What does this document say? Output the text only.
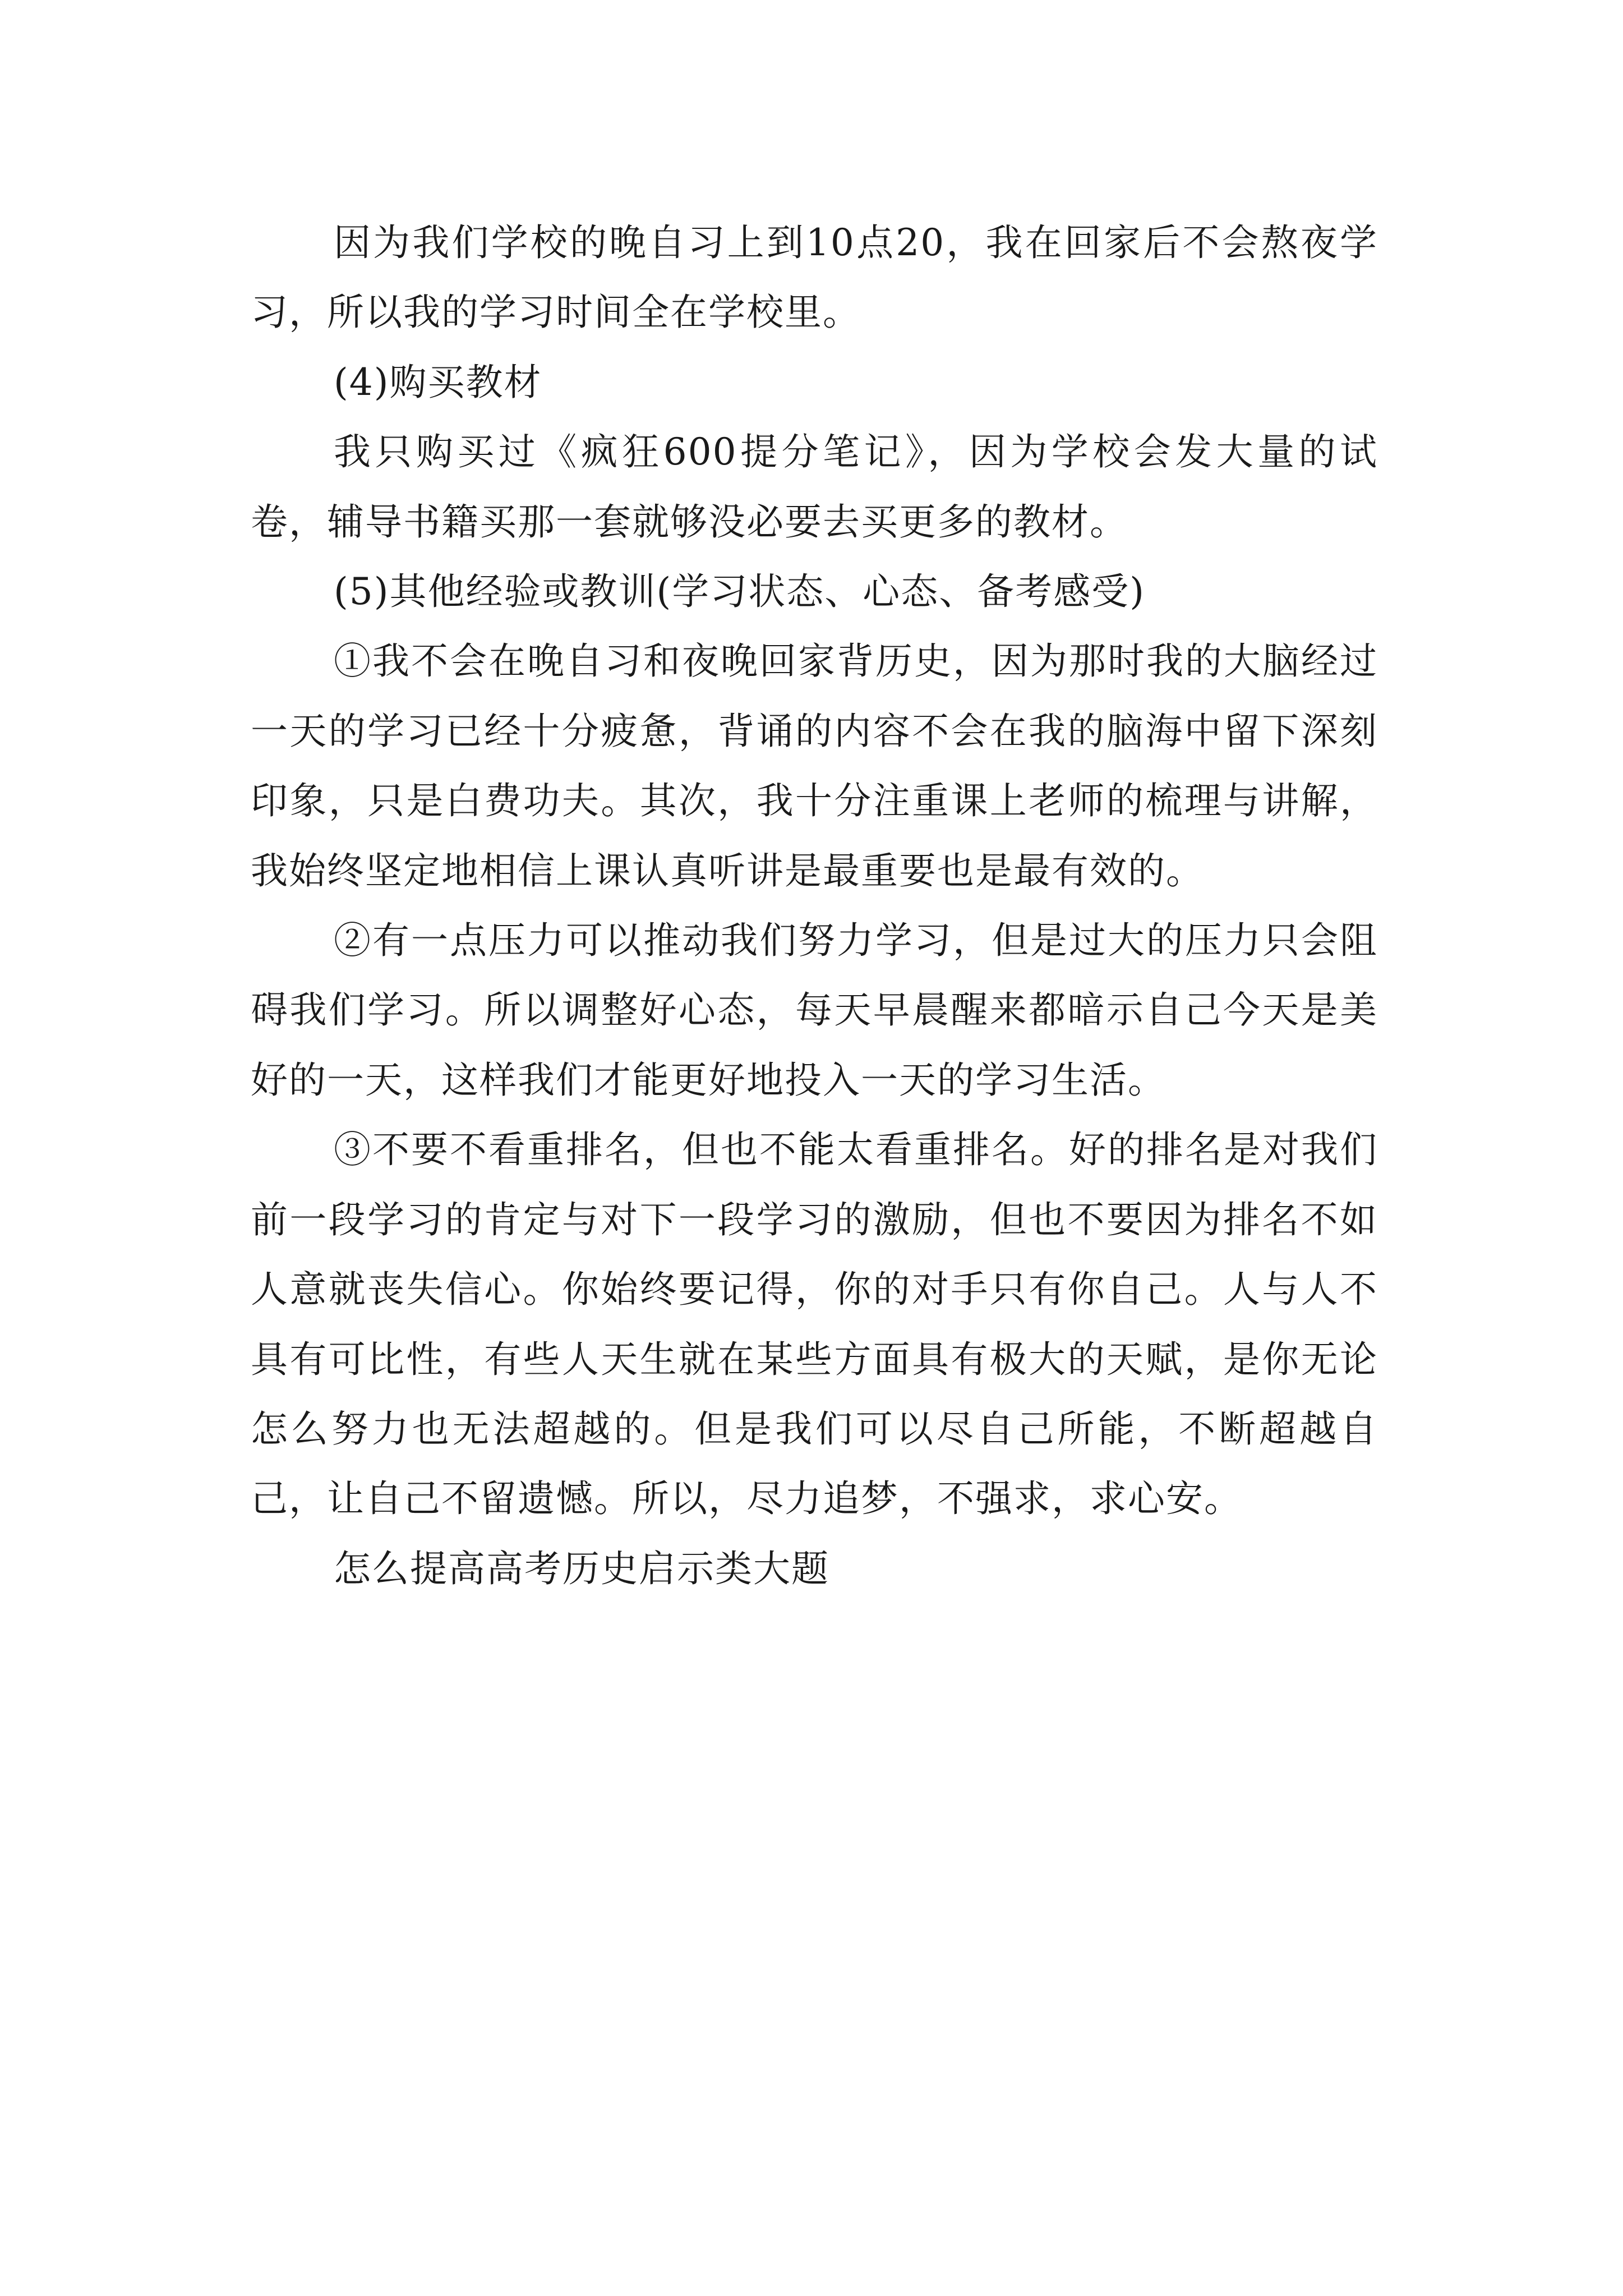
因为我们学校的晚自习上到10点20，我在回家后不会熬夜学习，所以我的学习时间全在学校里。

(4)购买教材

我只购买过《疯狂600提分笔记》，因为学校会发大量的试卷，辅导书籍买那一套就够没必要去买更多的教材。

(5)其他经验或教训(学习状态、心态、备考感受)

①我不会在晚自习和夜晚回家背历史，因为那时我的大脑经过一天的学习已经十分疲惫，背诵的内容不会在我的脑海中留下深刻印象，只是白费功夫。其次，我十分注重课上老师的梳理与讲解，我始终坚定地相信上课认真听讲是最重要也是最有效的。

②有一点压力可以推动我们努力学习，但是过大的压力只会阻碍我们学习。所以调整好心态，每天早晨醒来都暗示自己今天是美好的一天，这样我们才能更好地投入一天的学习生活。

③不要不看重排名，但也不能太看重排名。好的排名是对我们前一段学习的肯定与对下一段学习的激励，但也不要因为排名不如人意就丧失信心。你始终要记得，你的对手只有你自己。人与人不具有可比性，有些人天生就在某些方面具有极大的天赋，是你无论怎么努力也无法超越的。但是我们可以尽自己所能，不断超越自己，让自己不留遗憾。所以，尽力追梦，不强求，求心安。

怎么提高高考历史启示类大题
